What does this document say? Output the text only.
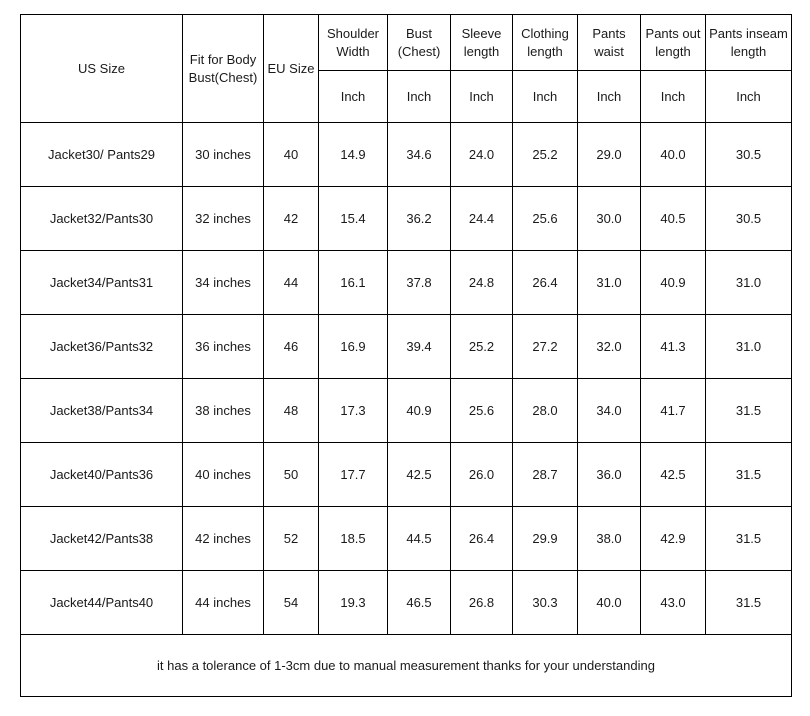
US Size	Fit for Body Bust(Chest)	EU Size	Shoulder Width	Bust (Chest)	Sleeve length	Clothing length	Pants waist	Pants out length	Pants inseam length
			Inch	Inch	Inch	Inch	Inch	Inch	Inch
Jacket30/ Pants29	30 inches	40	14.9	34.6	24.0	25.2	29.0	40.0	30.5
Jacket32/Pants30	32 inches	42	15.4	36.2	24.4	25.6	30.0	40.5	30.5
Jacket34/Pants31	34 inches	44	16.1	37.8	24.8	26.4	31.0	40.9	31.0
Jacket36/Pants32	36 inches	46	16.9	39.4	25.2	27.2	32.0	41.3	31.0
Jacket38/Pants34	38 inches	48	17.3	40.9	25.6	28.0	34.0	41.7	31.5
Jacket40/Pants36	40 inches	50	17.7	42.5	26.0	28.7	36.0	42.5	31.5
Jacket42/Pants38	42 inches	52	18.5	44.5	26.4	29.9	38.0	42.9	31.5
Jacket44/Pants40	44 inches	54	19.3	46.5	26.8	30.3	40.0	43.0	31.5
it has a tolerance of 1-3cm due to manual measurement thanks for your understanding									
